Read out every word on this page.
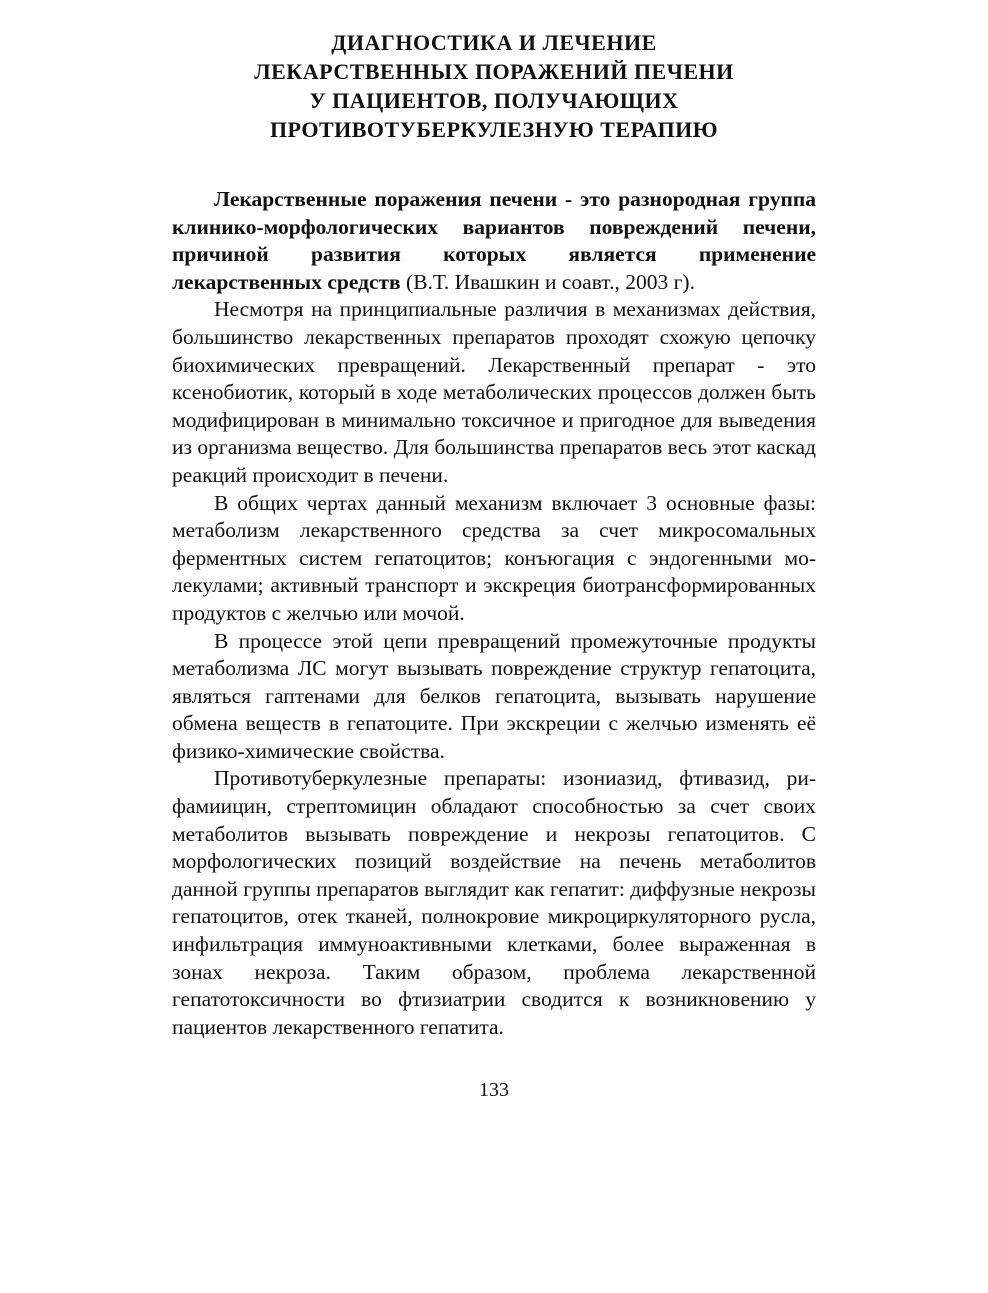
ДИАГНОСТИКА И ЛЕЧЕНИЕ
ЛЕКАРСТВЕННЫХ ПОРАЖЕНИЙ ПЕЧЕНИ
У ПАЦИЕНТОВ, ПОЛУЧАЮЩИХ
ПРОТИВОТУБЕРКУЛЕЗНУЮ ТЕРАПИЮ

Лекарственные поражения печени - это разнородная группа клинико-морфологических вариантов повреждений печени, причиной развития которых является применение лекарственных средств (В.Т. Ивашкин и соавт., 2003 г).

Несмотря на принципиальные различия в механизмах действия, большинство лекарственных препаратов проходят схожую цепочку биохимических превращений. Лекарственный препарат - это ксенобиотик, который в ходе метаболических процессов должен быть модифицирован в минимально токсичное и пригодное для выведения из организма вещество. Для большинства препаратов весь этот каскад реакций происходит в печени.

В общих чертах данный механизм включает 3 основные фазы: метаболизм лекарственного средства за счет микросомальных ферментных систем гепатоцитов; конъюгация с эндогенными молекулами; активный транспорт и экскреция биотрансформированных продуктов с желчью или мочой.

В процессе этой цепи превращений промежуточные продукты метаболизма ЛС могут вызывать повреждение структур гепатоцита, являться гаптенами для белков гепатоцита, вызывать нарушение обмена веществ в гепатоците. При экскреции с желчью изменять её физико-химические свойства.

Противотуберкулезные препараты: изониазид, фтивазид, рифамиицин, стрептомицин обладают способностью за счет своих метаболитов вызывать повреждение и некрозы гепатоцитов. С морфологических позиций воздействие на печень метаболитов данной группы препаратов выглядит как гепатит: диффузные некрозы гепатоцитов, отек тканей, полнокровие микроциркуляторного русла, инфильтрация иммуноактивными клетками, более выраженная в зонах некроза. Таким образом, проблема лекарственной гепатотоксичности во фтизиатрии сводится к возникновению у пациентов лекарственного гепатита.

133
